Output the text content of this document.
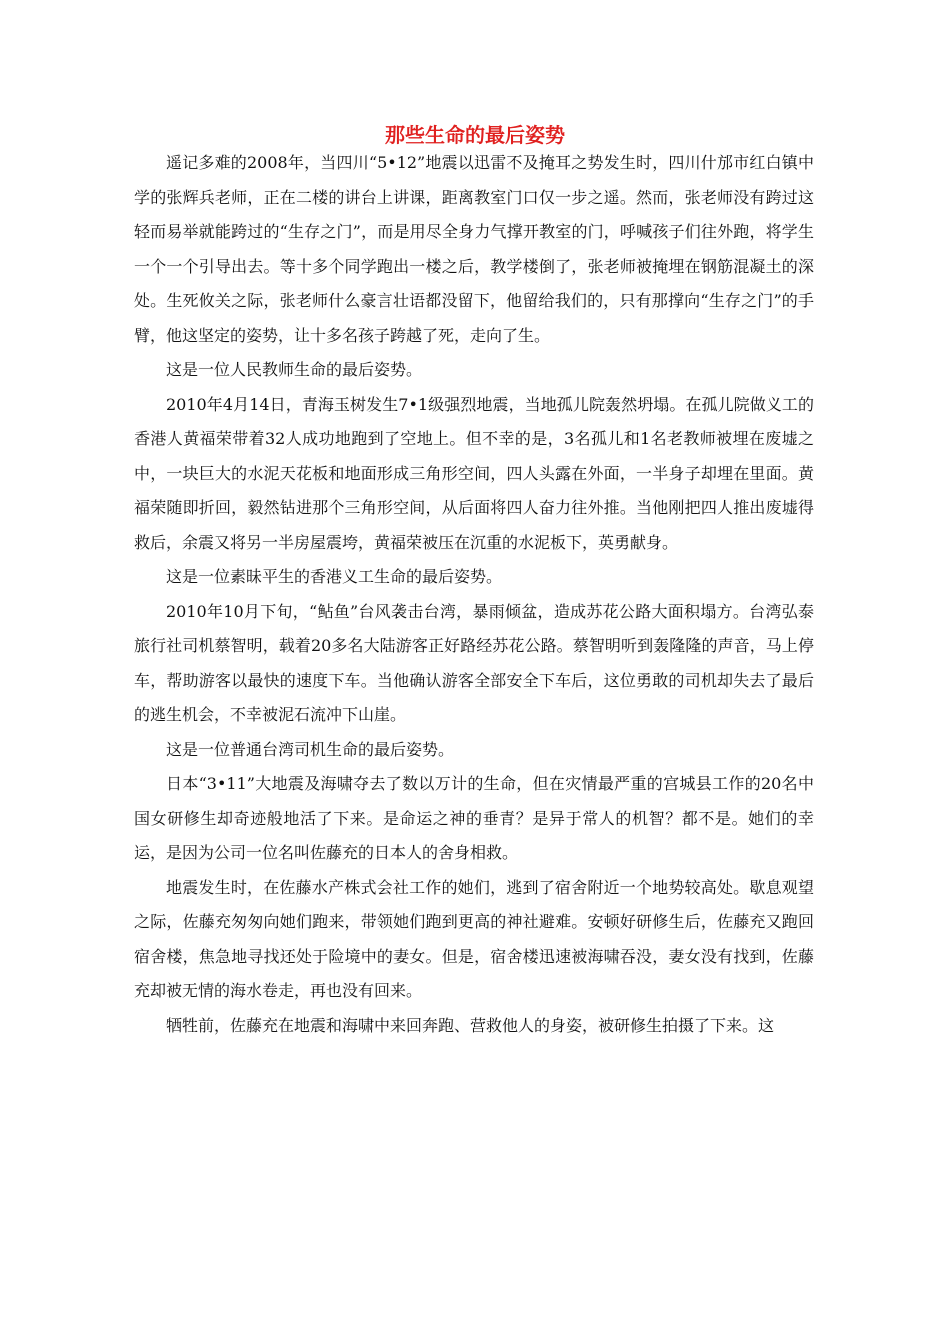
那些生命的最后姿势

遥记多难的2008年，当四川“5•12”地震以迅雷不及掩耳之势发生时，四川什邡市红白镇中学的张辉兵老师，正在二楼的讲台上讲课，距离教室门口仅一步之遥。然而，张老师没有跨过这轻而易举就能跨过的“生存之门”，而是用尽全身力气撑开教室的门，呼喊孩子们往外跑，将学生一个一个引导出去。等十多个同学跑出一楼之后，教学楼倒了，张老师被掩埋在钢筋混凝土的深处。生死攸关之际，张老师什么豪言壮语都没留下，他留给我们的，只有那撑向“生存之门”的手臂，他这坚定的姿势，让十多名孩子跨越了死，走向了生。

这是一位人民教师生命的最后姿势。

2010年4月14日，青海玉树发生7•1级强烈地震，当地孤儿院轰然坍塌。在孤儿院做义工的香港人黄福荣带着32人成功地跑到了空地上。但不幸的是，3名孤儿和1名老教师被埋在废墟之中，一块巨大的水泥天花板和地面形成三角形空间，四人头露在外面，一半身子却埋在里面。黄福荣随即折回，毅然钻进那个三角形空间，从后面将四人奋力往外推。当他刚把四人推出废墟得救后，余震又将另一半房屋震垮，黄福荣被压在沉重的水泥板下，英勇献身。

这是一位素昧平生的香港义工生命的最后姿势。

2010年10月下旬，“鲇鱼”台风袭击台湾，暴雨倾盆，造成苏花公路大面积塌方。台湾弘泰旅行社司机蔡智明，载着20多名大陆游客正好路经苏花公路。蔡智明听到轰隆隆的声音，马上停车，帮助游客以最快的速度下车。当他确认游客全部安全下车后，这位勇敢的司机却失去了最后的逃生机会，不幸被泥石流冲下山崖。

这是一位普通台湾司机生命的最后姿势。

日本“3•11”大地震及海啸夺去了数以万计的生命，但在灾情最严重的宫城县工作的20名中国女研修生却奇迹般地活了下来。是命运之神的垂青？是异于常人的机智？都不是。她们的幸运，是因为公司一位名叫佐藤充的日本人的舍身相救。

地震发生时，在佐藤水产株式会社工作的她们，逃到了宿舍附近一个地势较高处。歇息观望之际，佐藤充匆匆向她们跑来，带领她们跑到更高的神社避难。安顿好研修生后，佐藤充又跑回宿舍楼，焦急地寻找还处于险境中的妻女。但是，宿舍楼迅速被海啸吞没，妻女没有找到，佐藤充却被无情的海水卷走，再也没有回来。

牺牲前，佐藤充在地震和海啸中来回奔跑、营救他人的身姿，被研修生拍摄了下来。这
